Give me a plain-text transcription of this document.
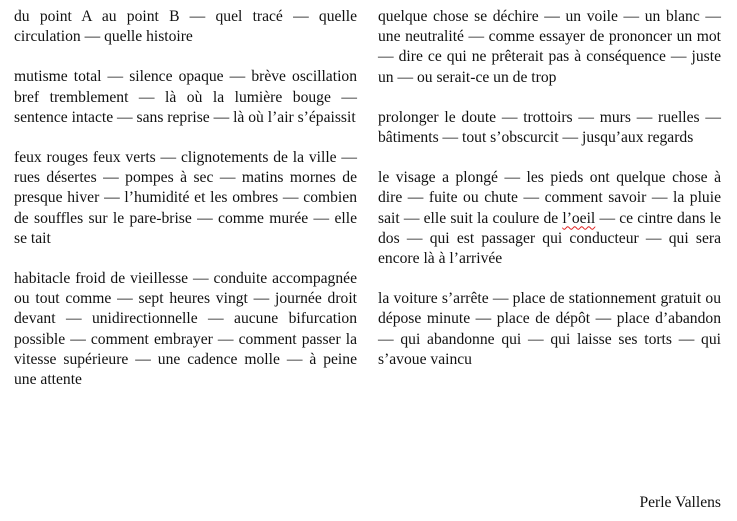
du point A au point B — quel tracé — quelle circulation — quelle histoire

mutisme total — silence opaque — brève oscillation bref tremblement — là où la lumière bouge — sentence intacte — sans reprise — là où l’air s’épaissit

feux rouges feux verts — clignotements de la ville — rues désertes — pompes à sec — matins mornes de presque hiver — l’humidité et les ombres — combien de souffles sur le pare-brise — comme murée — elle se tait

habitacle froid de vieillesse — conduite accompagnée ou tout comme — sept heures vingt — journée droit devant — unidirectionnelle — aucune bifurcation possible — comment embrayer — comment passer la vitesse supérieure — une cadence molle — à peine une attente

quelque chose se déchire — un voile — un blanc — une neutralité — comme essayer de prononcer un mot — dire ce qui ne prêterait pas à conséquence — juste un — ou serait-ce un de trop

prolonger le doute — trottoirs — murs — ruelles — bâtiments — tout s’obscurcit — jusqu’aux regards

le visage a plongé — les pieds ont quelque chose à dire — fuite ou chute — comment savoir — la pluie sait — elle suit la coulure de l’oeil — ce cintre dans le dos — qui est passager qui conducteur — qui sera encore là à l’arrivée

la voiture s’arrête — place de stationnement gratuit ou dépose minute — place de dépôt — place d’abandon — qui abandonne qui — qui laisse ses torts — qui s’avoue vaincu

Perle Vallens
